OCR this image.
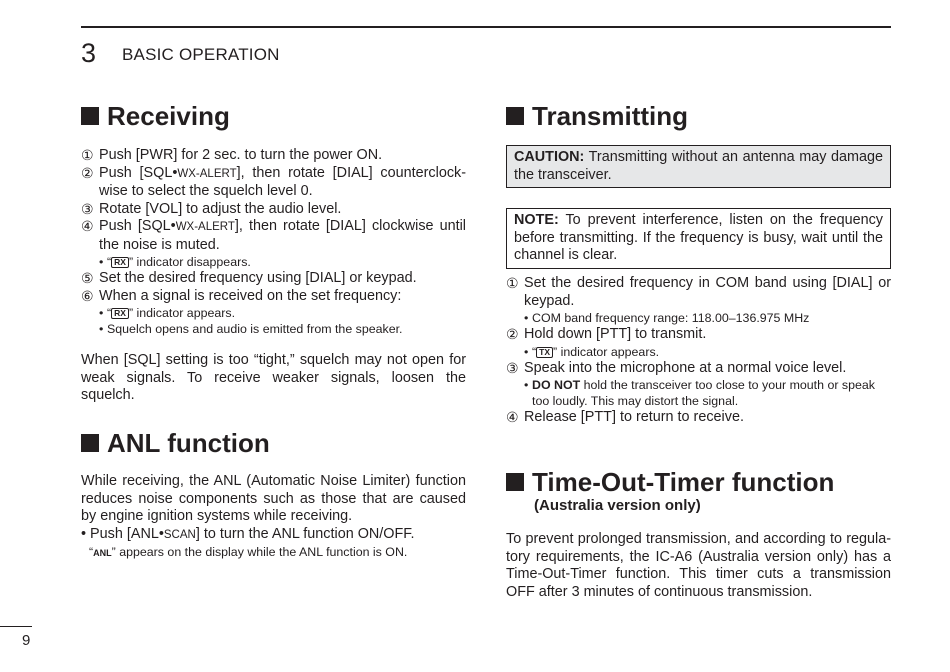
3 BASIC OPERATION
Receiving
① Push [PWR] for 2 sec. to turn the power ON.
② Push [SQL•WX-ALERT], then rotate [DIAL] counterclock-wise to select the squelch level 0.
③ Rotate [VOL] to adjust the audio level.
④ Push [SQL•WX-ALERT], then rotate [DIAL] clockwise until the noise is muted.
• “ RX ” indicator disappears.
⑤ Set the desired frequency using [DIAL] or keypad.
⑥ When a signal is received on the set frequency:
• “ RX ” indicator appears.
• Squelch opens and audio is emitted from the speaker.

When [SQL] setting is too “tight,” squelch may not open for weak signals. To receive weaker signals, loosen the squelch.

ANL function

While receiving, the ANL (Automatic Noise Limiter) function reduces noise components such as those that are caused by engine ignition systems while receiving.

• Push [ANL•SCAN] to turn the ANL function ON/OFF.
“ANL” appears on the display while the ANL function is ON.
Transmitting
CAUTION: Transmitting without an antenna may damage the transceiver.
NOTE: To prevent interference, listen on the frequency before transmitting. If the frequency is busy, wait until the channel is clear.
① Set the desired frequency in COM band using [DIAL] or keypad.
• COM band frequency range: 118.00–136.975 MHz
② Hold down [PTT] to transmit.
• “ TX ” indicator appears.
③ Speak into the microphone at a normal voice level.
• DO NOT hold the transceiver too close to your mouth or speak too loudly. This may distort the signal.
④ Release [PTT] to return to receive.
Time-Out-Timer function
(Australia version only)

To prevent prolonged transmission, and according to regula-tory requirements, the IC-A6 (Australia version only) has a Time-Out-Timer function. This timer cuts a transmission OFF after 3 minutes of continuous transmission.

9
